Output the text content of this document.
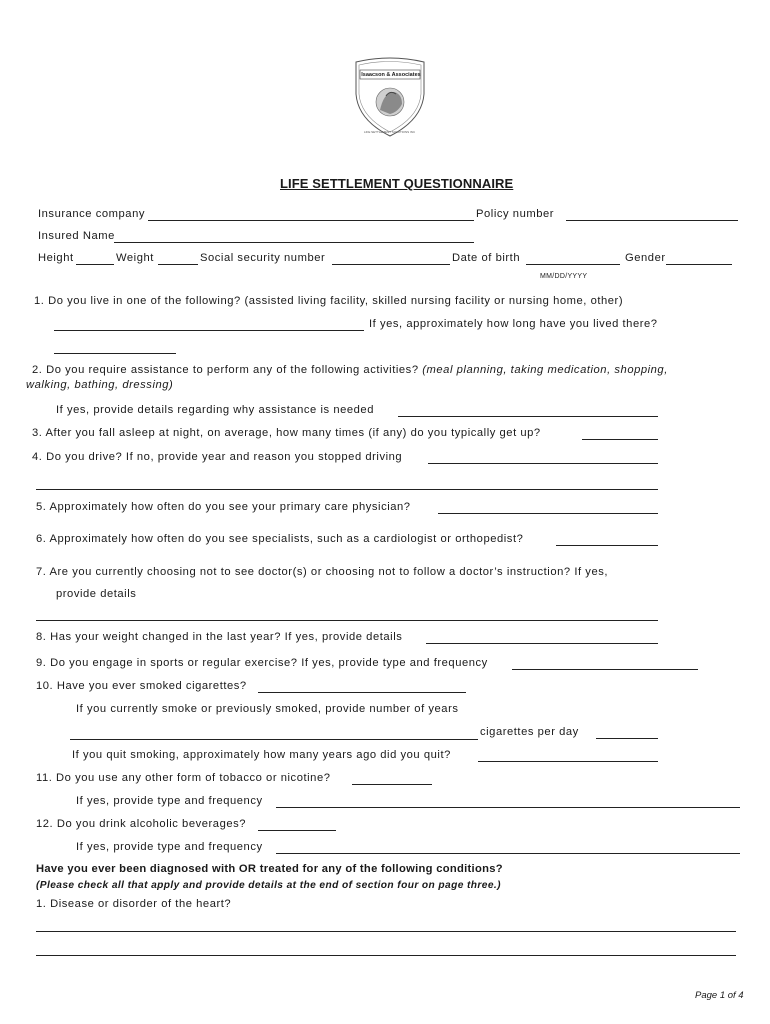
Isaacson & Associates
LIFE SETTLEMENT SOLUTIONS INC
LIFE SETTLEMENT QUESTIONNAIRE
Insurance company	Policy number
Insured Name
Height	Weight	Social security number	Date of birth	Gender
MM/DD/YYYY
1. Do you live in one of the following? (assisted living facility, skilled nursing facility or nursing home, other)
If yes, approximately how long have you lived there?
2. Do you require assistance to perform any of the following activities? (meal planning, taking medication, shopping,
walking, bathing, dressing)
If yes, provide details regarding why assistance is needed
3. After you fall asleep at night, on average, how many times (if any) do you typically get up?
4. Do you drive? If no, provide year and reason you stopped driving
5. Approximately how often do you see your primary care physician?
6. Approximately how often do you see specialists, such as a cardiologist or orthopedist?
7. Are you currently choosing not to see doctor(s) or choosing not to follow a doctor’s instruction? If yes,
provide details
8. Has your weight changed in the last year? If yes, provide details
9. Do you engage in sports or regular exercise? If yes, provide type and frequency
10. Have you ever smoked cigarettes?
If you currently smoke or previously smoked, provide number of years
cigarettes per day
If you quit smoking, approximately how many years ago did you quit?
11. Do you use any other form of tobacco or nicotine?
If yes, provide type and frequency
12. Do you drink alcoholic beverages?
If yes, provide type and frequency
Have you ever been diagnosed with OR treated for any of the following conditions?
(Please check all that apply and provide details at the end of section four on page three.)
1. Disease or disorder of the heart?
Page 1 of 4
